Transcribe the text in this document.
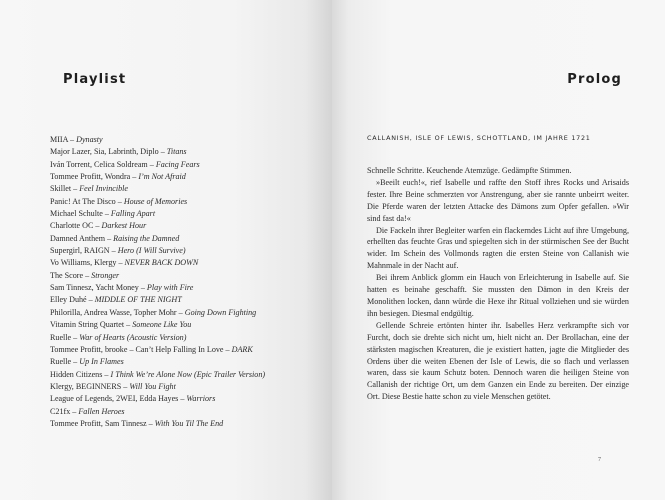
Playlist
MIIA – Dynasty
Major Lazer, Sia, Labrinth, Diplo – Titans
Iván Torrent, Celica Soldream – Facing Fears
Tommee Profitt, Wondra – I’m Not Afraid
Skillet – Feel Invincible
Panic! At The Disco – House of Memories
Michael Schulte – Falling Apart
Charlotte OC – Darkest Hour
Damned Anthem – Raising the Damned
Supergirl, RAIGN – Hero (I Will Survive)
Vo Williams, Klergy – NEVER BACK DOWN
The Score – Stronger
Sam Tinnesz, Yacht Money – Play with Fire
Elley Duhé – MIDDLE OF THE NIGHT
Philorilla, Andrea Wasse, Topher Mohr – Going Down Fighting
Vitamin String Quartet – Someone Like You
Ruelle – War of Hearts (Acoustic Version)
Tommee Profitt, brooke – Can’t Help Falling In Love – DARK
Ruelle – Up In Flames
Hidden Citizens – I Think We’re Alone Now (Epic Trailer Version)
Klergy, BEGINNERS – Will You Fight
League of Legends, 2WEI, Edda Hayes – Warriors
C21fx – Fallen Heroes
Tommee Profitt, Sam Tinnesz – With You Til The End
Prolog
CALLANISH, ISLE OF LEWIS, SCHOTTLAND, IM JAHRE 1721

Schnelle Schritte. Keuchende Atemzüge. Gedämpfte Stimmen.

»Beeilt euch!«, rief Isabelle und raffte den Stoff ihres Rocks und Arisaids fester. Ihre Beine schmerzten vor Anstrengung, aber sie rannte unbeirrt weiter. Die Pferde waren der letzten Attacke des Dämons zum Opfer gefallen. »Wir sind fast da!«

Die Fackeln ihrer Begleiter warfen ein flackerndes Licht auf ihre Umgebung, erhellten das feuchte Gras und spiegelten sich in der stürmischen See der Bucht wider. Im Schein des Vollmonds ragten die ersten Steine von Callanish wie Mahnmale in der Nacht auf.

Bei ihrem Anblick glomm ein Hauch von Erleichterung in Isabelle auf. Sie hatten es beinahe geschafft. Sie mussten den Dämon in den Kreis der Monolithen locken, dann würde die Hexe ihr Ritual vollziehen und sie würden ihn besiegen. Diesmal endgültig.

Gellende Schreie ertönten hinter ihr. Isabelles Herz verkrampfte sich vor Furcht, doch sie drehte sich nicht um, hielt nicht an. Der Brollachan, eine der stärksten magischen Kreaturen, die je existiert hatten, jagte die Mitglieder des Ordens über die weiten Ebenen der Isle of Lewis, die so flach und verlassen waren, dass sie kaum Schutz boten. Dennoch waren die heiligen Steine von Callanish der richtige Ort, um dem Ganzen ein Ende zu bereiten. Der einzige Ort. Diese Bestie hatte schon zu viele Menschen getötet.

7
